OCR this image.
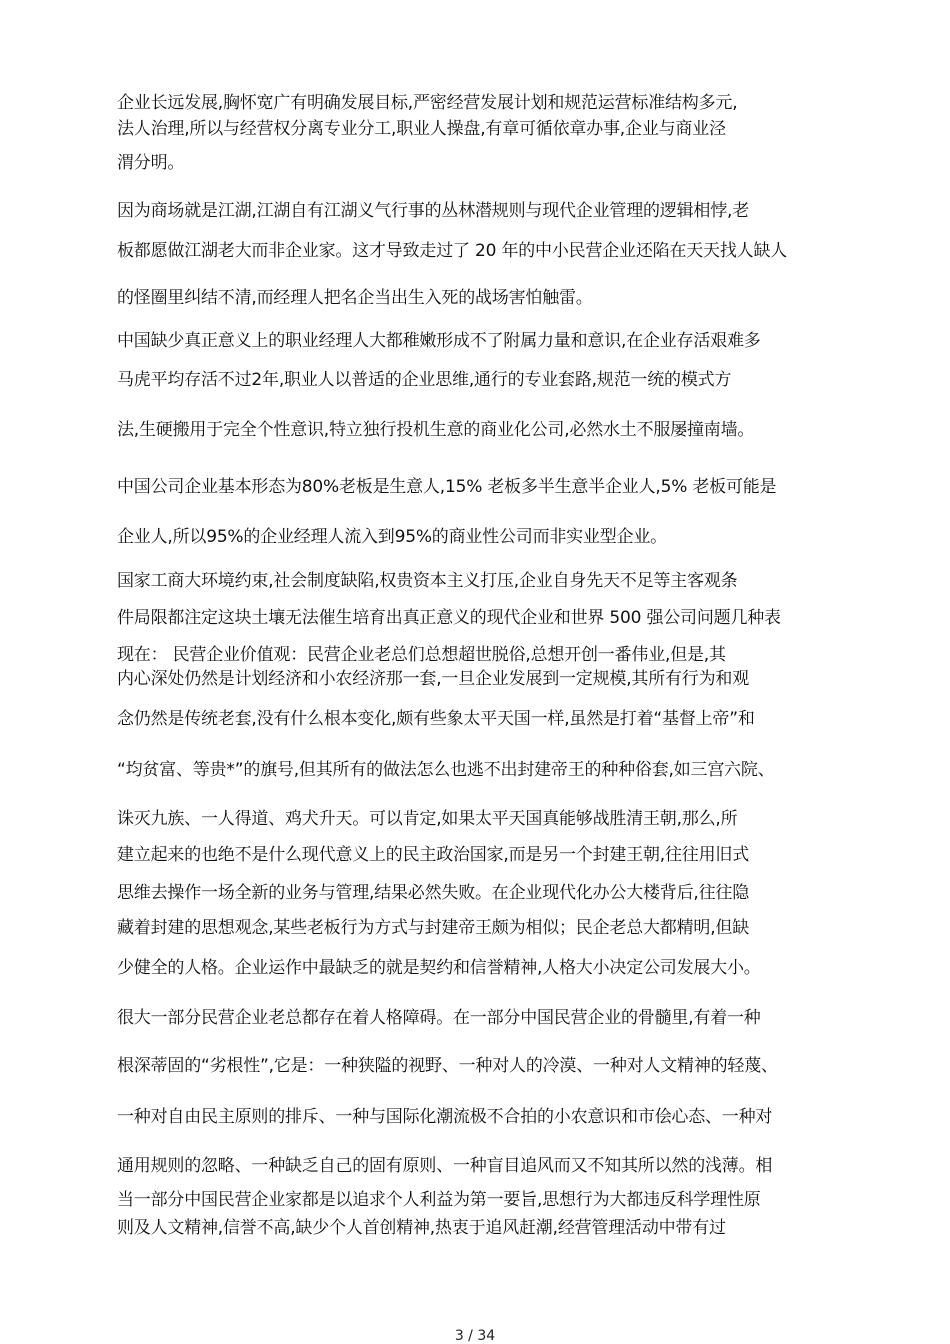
企业长远发展,胸怀宽广有明确发展目标,严密经营发展计划和规范运营标准结构多元,
法人治理,所以与经营权分离专业分工,职业人操盘,有章可循依章办事,企业与商业泾
渭分明。
因为商场就是江湖,江湖自有江湖义气行事的丛林潜规则与现代企业管理的逻辑相悖,老
板都愿做江湖老大而非企业家。这才导致走过了 20 年的中小民营企业还陷在天天找人缺人
的怪圈里纠结不清,而经理人把名企当出生入死的战场害怕触雷。
中国缺少真正意义上的职业经理人大都稚嫩形成不了附属力量和意识,在企业存活艰难多
马虎平均存活不过2年,职业人以普适的企业思维,通行的专业套路,规范一统的模式方
法,生硬搬用于完全个性意识,特立独行投机生意的商业化公司,必然水土不服屡撞南墙。
中国公司企业基本形态为80%老板是生意人,15% 老板多半生意半企业人,5% 老板可能是
企业人,所以95%的企业经理人流入到95%的商业性公司而非实业型企业。
国家工商大环境约束,社会制度缺陷,权贵资本主义打压,企业自身先天不足等主客观条
件局限都注定这块土壤无法催生培育出真正意义的现代企业和世界 500 强公司问题几种表
现在： 民营企业价值观：民营企业老总们总想超世脱俗,总想开创一番伟业,但是,其
内心深处仍然是计划经济和小农经济那一套,一旦企业发展到一定规模,其所有行为和观
念仍然是传统老套,没有什么根本变化,颇有些象太平天国一样,虽然是打着“基督上帝”和
“均贫富、等贵*”的旗号,但其所有的做法怎么也逃不出封建帝王的种种俗套,如三宫六院、
诛灭九族、一人得道、鸡犬升天。可以肯定,如果太平天国真能够战胜清王朝,那么,所
建立起来的也绝不是什么现代意义上的民主政治国家,而是另一个封建王朝,往往用旧式
思维去操作一场全新的业务与管理,结果必然失败。在企业现代化办公大楼背后,往往隐
藏着封建的思想观念,某些老板行为方式与封建帝王颇为相似；民企老总大都精明,但缺
少健全的人格。企业运作中最缺乏的就是契约和信誉精神,人格大小决定公司发展大小。
很大一部分民营企业老总都存在着人格障碍。在一部分中国民营企业的骨髓里,有着一种
根深蒂固的“劣根性”,它是：一种狭隘的视野、一种对人的冷漠、一种对人文精神的轻蔑、
一种对自由民主原则的排斥、一种与国际化潮流极不合拍的小农意识和市侩心态、一种对
通用规则的忽略、一种缺乏自己的固有原则、一种盲目追风而又不知其所以然的浅薄。相
当一部分中国民营企业家都是以追求个人利益为第一要旨,思想行为大都违反科学理性原
则及人文精神,信誉不高,缺少个人首创精神,热衷于追风赶潮,经营管理活动中带有过
3 / 34
